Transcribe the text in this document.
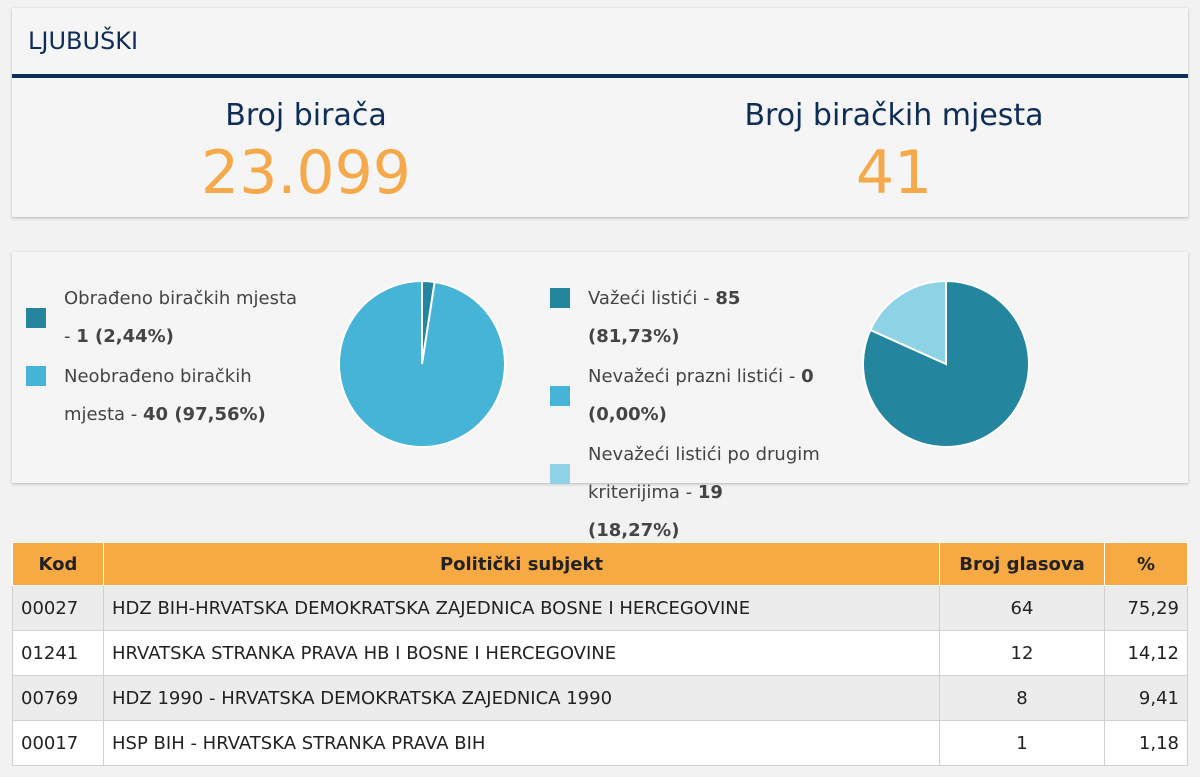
LJUBUŠKI
Broj birača
23.099
Broj biračkih mjesta
41
Obrađeno biračkih mjesta - 1 (2,44%)
Neobrađeno biračkih mjesta - 40 (97,56%)
Važeći listići - 85 (81,73%)
Nevažeći prazni listići - 0 (0,00%)
Nevažeći listići po drugim kriterijima - 19 (18,27%)
Kod	Politički subjekt	Broj glasova	%
00027	HDZ BIH-HRVATSKA DEMOKRATSKA ZAJEDNICA BOSNE I HERCEGOVINE	64	75,29
01241	HRVATSKA STRANKA PRAVA HB I BOSNE I HERCEGOVINE	12	14,12
00769	HDZ 1990 - HRVATSKA DEMOKRATSKA ZAJEDNICA 1990	8	9,41
00017	HSP BIH - HRVATSKA STRANKA PRAVA BIH	1	1,18
